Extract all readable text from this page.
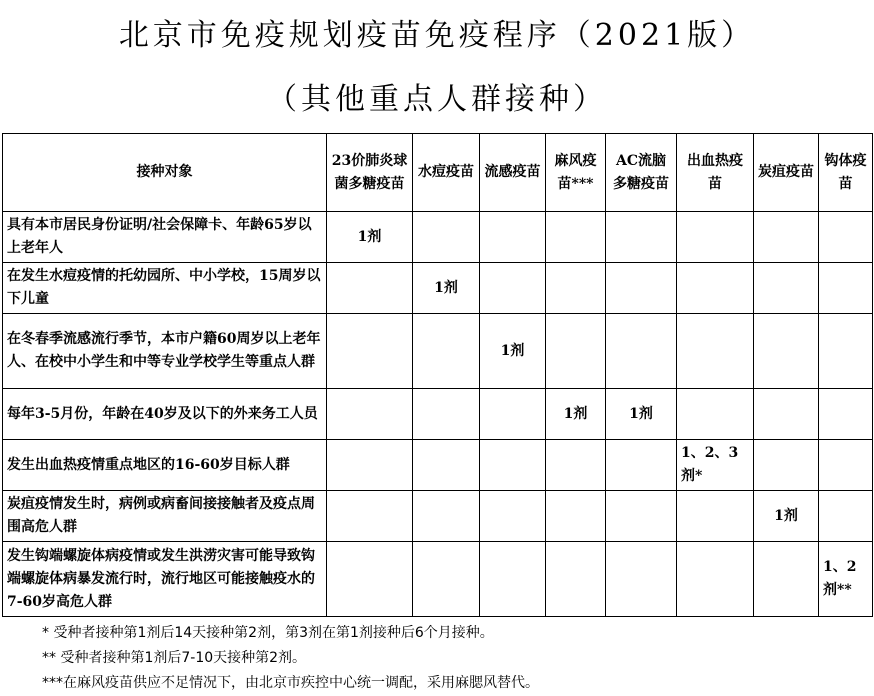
北京市免疫规划疫苗免疫程序（2021版）
（其他重点人群接种）
接种对象	23价肺炎球菌多糖疫苗	水痘疫苗	流感疫苗	麻风疫苗***	AC流脑多糖疫苗	出血热疫苗	炭疽疫苗	钩体疫苗
具有本市居民身份证明/社会保障卡、年龄65岁以上老年人	1剂							
在发生水痘疫情的托幼园所、中小学校，15周岁以下儿童		1剂						
在冬春季流感流行季节，本市户籍60周岁以上老年人、在校中小学生和中等专业学校学生等重点人群			1剂					
每年3-5月份，年龄在40岁及以下的外来务工人员				1剂	1剂			
发生出血热疫情重点地区的16-60岁目标人群						1、2、3剂*		
炭疽疫情发生时，病例或病畜间接接触者及疫点周围高危人群							1剂	
发生钩端螺旋体病疫情或发生洪涝灾害可能导致钩端螺旋体病暴发流行时，流行地区可能接触疫水的7-60岁高危人群								1、2剂**
* 受种者接种第1剂后14天接种第2剂，第3剂在第1剂接种后6个月接种。
** 受种者接种第1剂后7-10天接种第2剂。
***在麻风疫苗供应不足情况下，由北京市疾控中心统一调配，采用麻腮风替代。
